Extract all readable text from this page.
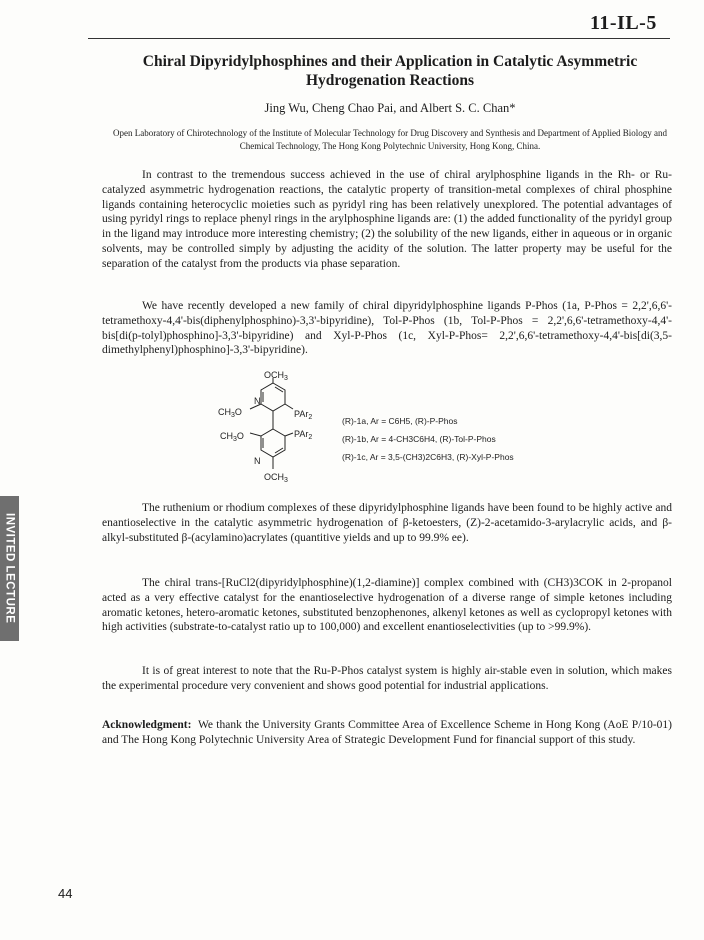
11-IL-5
Chiral Dipyridylphosphines and their Application in Catalytic Asymmetric Hydrogenation Reactions
Jing Wu, Cheng Chao Pai, and Albert S. C. Chan*
Open Laboratory of Chirotechnology of the Institute of Molecular Technology for Drug Discovery and Synthesis and Department of Applied Biology and Chemical Technology, The Hong Kong Polytechnic University, Hong Kong, China.
In contrast to the tremendous success achieved in the use of chiral arylphosphine ligands in the Rh- or Ru-catalyzed asymmetric hydrogenation reactions, the catalytic property of transition-metal complexes of chiral phosphine ligands containing heterocyclic moieties such as pyridyl ring has been relatively unexplored. The potential advantages of using pyridyl rings to replace phenyl rings in the arylphosphine ligands are: (1) the added functionality of the pyridyl group in the ligand may introduce more interesting chemistry; (2) the solubility of the new ligands, either in aqueous or in organic solvents, may be controlled simply by adjusting the acidity of the solution. The latter property may be useful for the separation of the catalyst from the products via phase separation.
We have recently developed a new family of chiral dipyridylphosphine ligands P-Phos (1a, P-Phos = 2,2',6,6'-tetramethoxy-4,4'-bis(diphenylphosphino)-3,3'-bipyridine), Tol-P-Phos (1b, Tol-P-Phos = 2,2',6,6'-tetramethoxy-4,4'-bis[di(p-tolyl)phosphino]-3,3'-bipyridine) and Xyl-P-Phos (1c, Xyl-P-Phos= 2,2',6,6'-tetramethoxy-4,4'-bis[di(3,5-dimethylphenyl)phosphino]-3,3'-bipyridine).
$OCH_3$
N
$CH_3O$	PAr$_2$
$CH_3O$	PAr$_2$
N
$OCH_3$
(R)-1a, Ar = C6H5, (R)-P-Phos
(R)-1b, Ar = 4-CH3C6H4, (R)-Tol-P-Phos
(R)-1c, Ar = 3,5-(CH3)2C6H3, (R)-Xyl-P-Phos
The ruthenium or rhodium complexes of these dipyridylphosphine ligands have been found to be highly active and enantioselective in the catalytic asymmetric hydrogenation of β-ketoesters, (Z)-2-acetamido-3-arylacrylic acids, and β-alkyl-substituted β-(acylamino)acrylates (quantitive yields and up to 99.9% ee).
The chiral trans-[RuCl2(dipyridylphosphine)(1,2-diamine)] complex combined with (CH3)3COK in 2-propanol acted as a very effective catalyst for the enantioselective hydrogenation of a diverse range of simple ketones including aromatic ketones, hetero-aromatic ketones, substituted benzophenones, alkenyl ketones as well as cyclopropyl ketones with high activities (substrate-to-catalyst ratio up to 100,000) and excellent enantioselectivities (up to >99.9%).
It is of great interest to note that the Ru-P-Phos catalyst system is highly air-stable even in solution, which makes the experimental procedure very convenient and shows good potential for industrial applications.
Acknowledgment: We thank the University Grants Committee Area of Excellence Scheme in Hong Kong (AoE P/10-01) and The Hong Kong Polytechnic University Area of Strategic Development Fund for financial support of this study.
INVITED LECTURE
44
